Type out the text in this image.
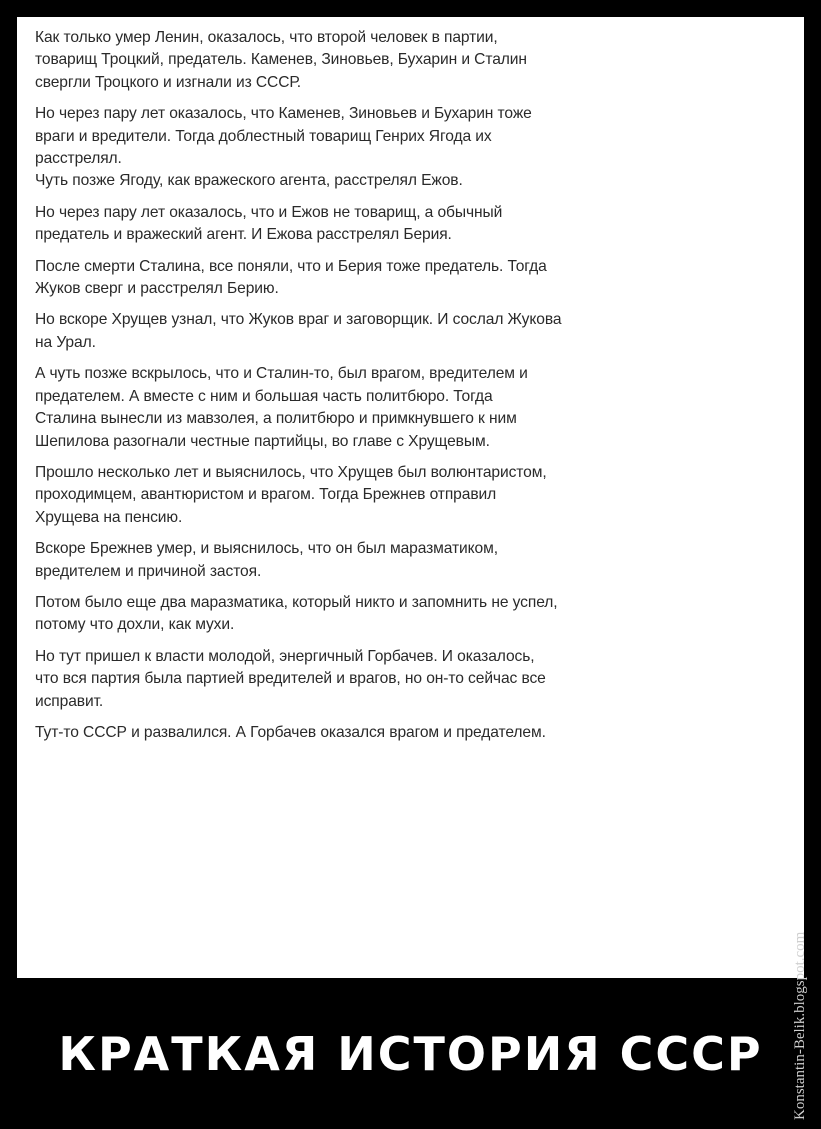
Как только умер Ленин, оказалось, что второй человек в партии,
товарищ Троцкий, предатель. Каменев, Зиновьев, Бухарин и Сталин
свергли Троцкого и изгнали из СССР.

Но через пару лет оказалось, что Каменев, Зиновьев и Бухарин тоже
враги и вредители. Тогда доблестный товарищ Генрих Ягода их
расстрелял.
Чуть позже Ягоду, как вражеского агента, расстрелял Ежов.

Но через пару лет оказалось, что и Ежов не товарищ, а обычный
предатель и вражеский агент. И Ежова расстрелял Берия.

После смерти Сталина, все поняли, что и Берия тоже предатель. Тогда
Жуков сверг и расстрелял Берию.

Но вскоре Хрущев узнал, что Жуков враг и заговорщик. И сослал Жукова
на Урал.

А чуть позже вскрылось, что и Сталин-то, был врагом, вредителем и
предателем. А вместе с ним и большая часть политбюро. Тогда
Сталина вынесли из мавзолея, а политбюро и примкнувшего к ним
Шепилова разогнали честные партийцы, во главе с Хрущевым.

Прошло несколько лет и выяснилось, что Хрущев был волюнтаристом,
проходимцем, авантюристом и врагом. Тогда Брежнев отправил
Хрущева на пенсию.

Вскоре Брежнев умер, и выяснилось, что он был маразматиком,
вредителем и причиной застоя.

Потом было еще два маразматика, который никто и запомнить не успел,
потому что дохли, как мухи.

Но тут пришел к власти молодой, энергичный Горбачев. И оказалось,
что вся партия была партией вредителей и врагов, но он-то сейчас все
исправит.

Тут-то СССР и развалился. А Горбачев оказался врагом и предателем.

КРАТКАЯ ИСТОРИЯ СССР	Konstantin-Belik.blogspot.com
